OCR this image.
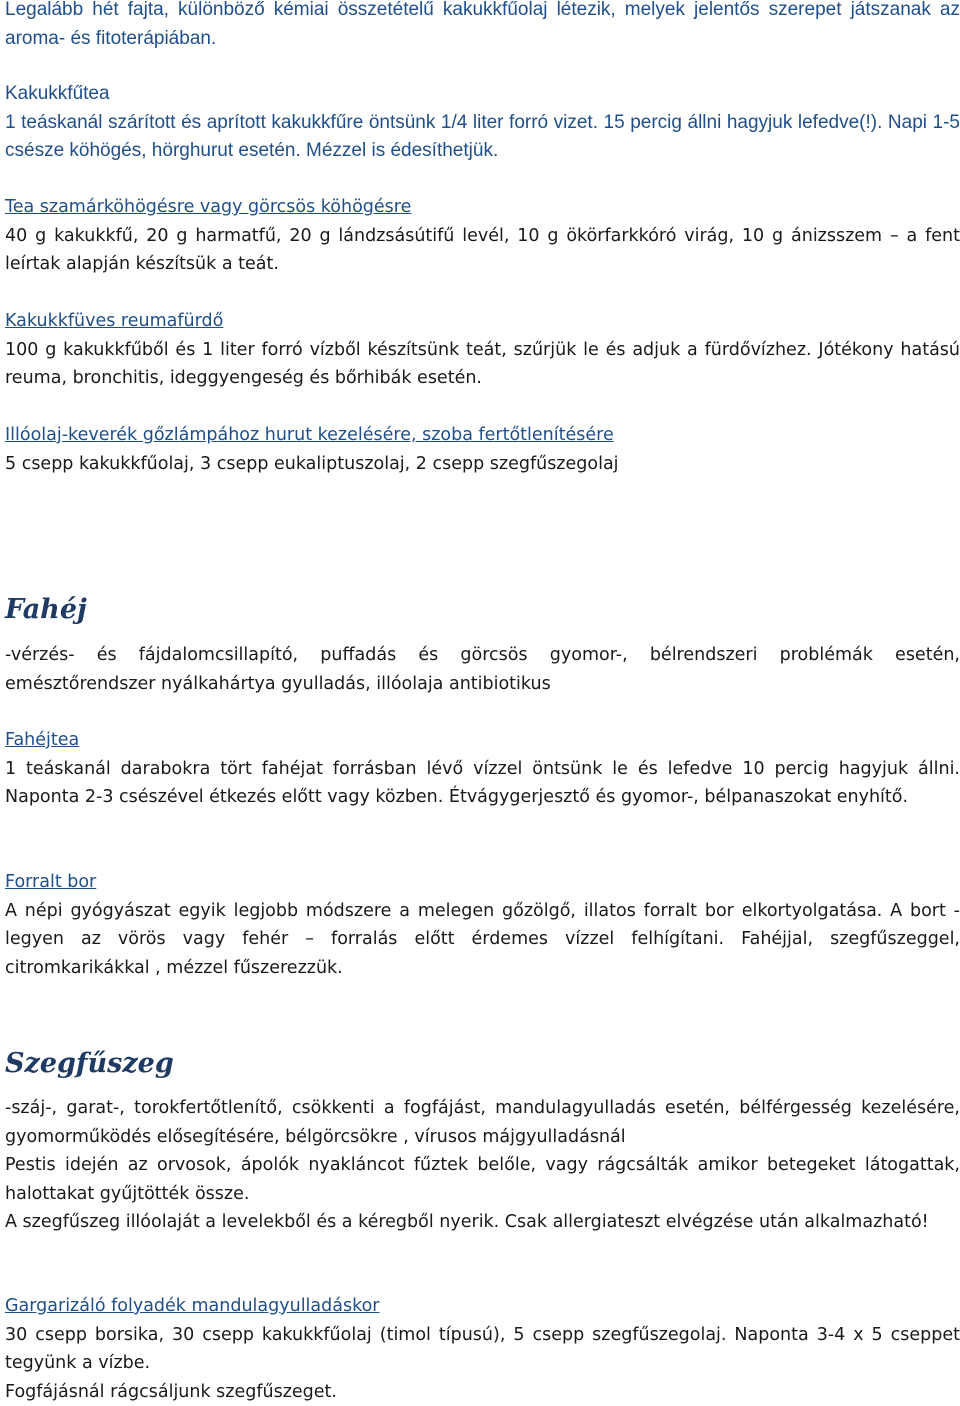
Legalább hét fajta, különböző kémiai összetételű kakukkfűolaj létezik, melyek jelentős szerepet játszanak az aroma- és fitoterápiában.

Kakukkfűtea
1 teáskanál szárított és aprított kakukkfűre öntsünk 1/4 liter forró vizet. 15 percig állni hagyjuk lefedve(!). Napi 1-5 csésze köhögés, hörghurut esetén. Mézzel is édesíthetjük.

Tea szamárköhögésre vagy görcsös köhögésre
40 g kakukkfű, 20 g harmatfű, 20 g lándzsásútifű levél, 10 g ökörfarkkóró virág, 10 g ánizsszem – a fent leírtak alapján készítsük a teát.

Kakukkfüves reumafürdő
100 g kakukkfűből és 1 liter forró vízből készítsünk teát, szűrjük le és adjuk a fürdővízhez. Jótékony hatású reuma, bronchitis, ideggyengeség és bőrhibák esetén.

Illóolaj-keverék gőzlámpához hurut kezelésére, szoba fertőtlenítésére
5 csepp kakukkfűolaj, 3 csepp eukaliptuszolaj, 2 csepp szegfűszegolaj

Fahéj

-vérzés- és fájdalomcsillapító, puffadás és görcsös gyomor-, bélrendszeri problémák esetén, emésztőrendszer nyálkahártya gyulladás, illóolaja antibiotikus

Fahéjtea
1 teáskanál darabokra tört fahéjat forrásban lévő vízzel öntsünk le és lefedve 10 percig hagyjuk állni. Naponta 2-3 csészével étkezés előtt vagy közben. Étvágygerjesztő és gyomor-, bélpanaszokat enyhítő.

Forralt bor
A népi gyógyászat egyik legjobb módszere a melegen gőzölgő, illatos forralt bor elkortyolgatása. A bort - legyen az vörös vagy fehér – forralás előtt érdemes vízzel felhígítani. Fahéjjal, szegfűszeggel, citromkarikákkal , mézzel fűszerezzük.

Szegfűszeg

-száj-, garat-, torokfertőtlenítő, csökkenti a fogfájást, mandulagyulladás esetén, bélférgesség kezelésére, gyomorműködés elősegítésére, bélgörcsökre , vírusos májgyulladásnál

Pestis idején az orvosok, ápolók nyakláncot fűztek belőle, vagy rágcsálták amikor betegeket látogattak, halottakat gyűjtötték össze.

A szegfűszeg illóolaját a levelekből és a kéregből nyerik. Csak allergiateszt elvégzése után alkalmazható!

Gargarizáló folyadék mandulagyulladáskor
30 csepp borsika, 30 csepp kakukkfűolaj (timol típusú), 5 csepp szegfűszegolaj. Naponta 3-4 x 5 cseppet tegyünk a vízbe.

Fogfájásnál rágcsáljunk szegfűszeget.
